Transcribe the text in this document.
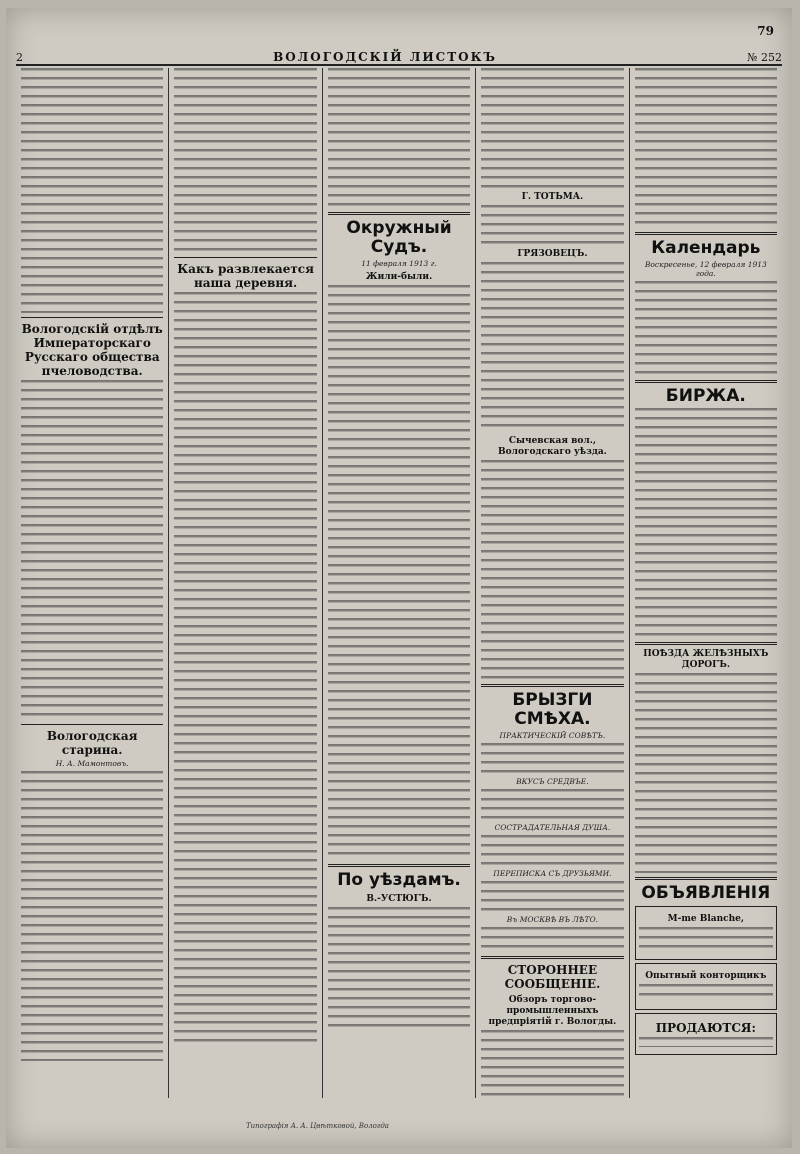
79
2	ВОЛОГОДСКІЙ ЛИСТОКЪ	№ 252
Вологодскій отдѣлъ Императорскаго Русскаго общества пчеловодства.
Вологодская старина.
Н. А. Мамонтовъ.
Какъ развлекается наша деревня.
Окружный Судъ.
11 февраля 1913 г.
Жили-были.
По уѣздамъ.
В.-УСТЮГЪ.
Г. ТОТЬМА.
ГРЯЗОВЕЦЪ.
Сычевская вол., Вологодскаго уѣзда.
БРЫЗГИ СМѢХА.
ПРАКТИЧЕСКІЙ СОВѢТЪ.
ВКУСЪ СРЕДВЪЕ.
СОСТРАДАТЕЛЬНАЯ ДУША.
ПЕРЕПИСКА СЪ ДРУЗЬЯМИ.
Въ МОСКВѢ ВЪ ЛѢТО.
СТОРОННЕЕ СООБЩЕНІЕ.
Обзоръ торгово-промышленныхъ предпріятій г. Вологды.
Календарь
Воскресенье, 12 февраля 1913 года.
БИРЖА.
ПОѢЗДА ЖЕЛѢЗНЫХЪ ДОРОГЪ.
ОБЪЯВЛЕНІЯ
M-me Blanche,
Опытный конторщикъ
ПРОДАЮТСЯ:
Типографія А. А. Цвѣтковой, Вологда
